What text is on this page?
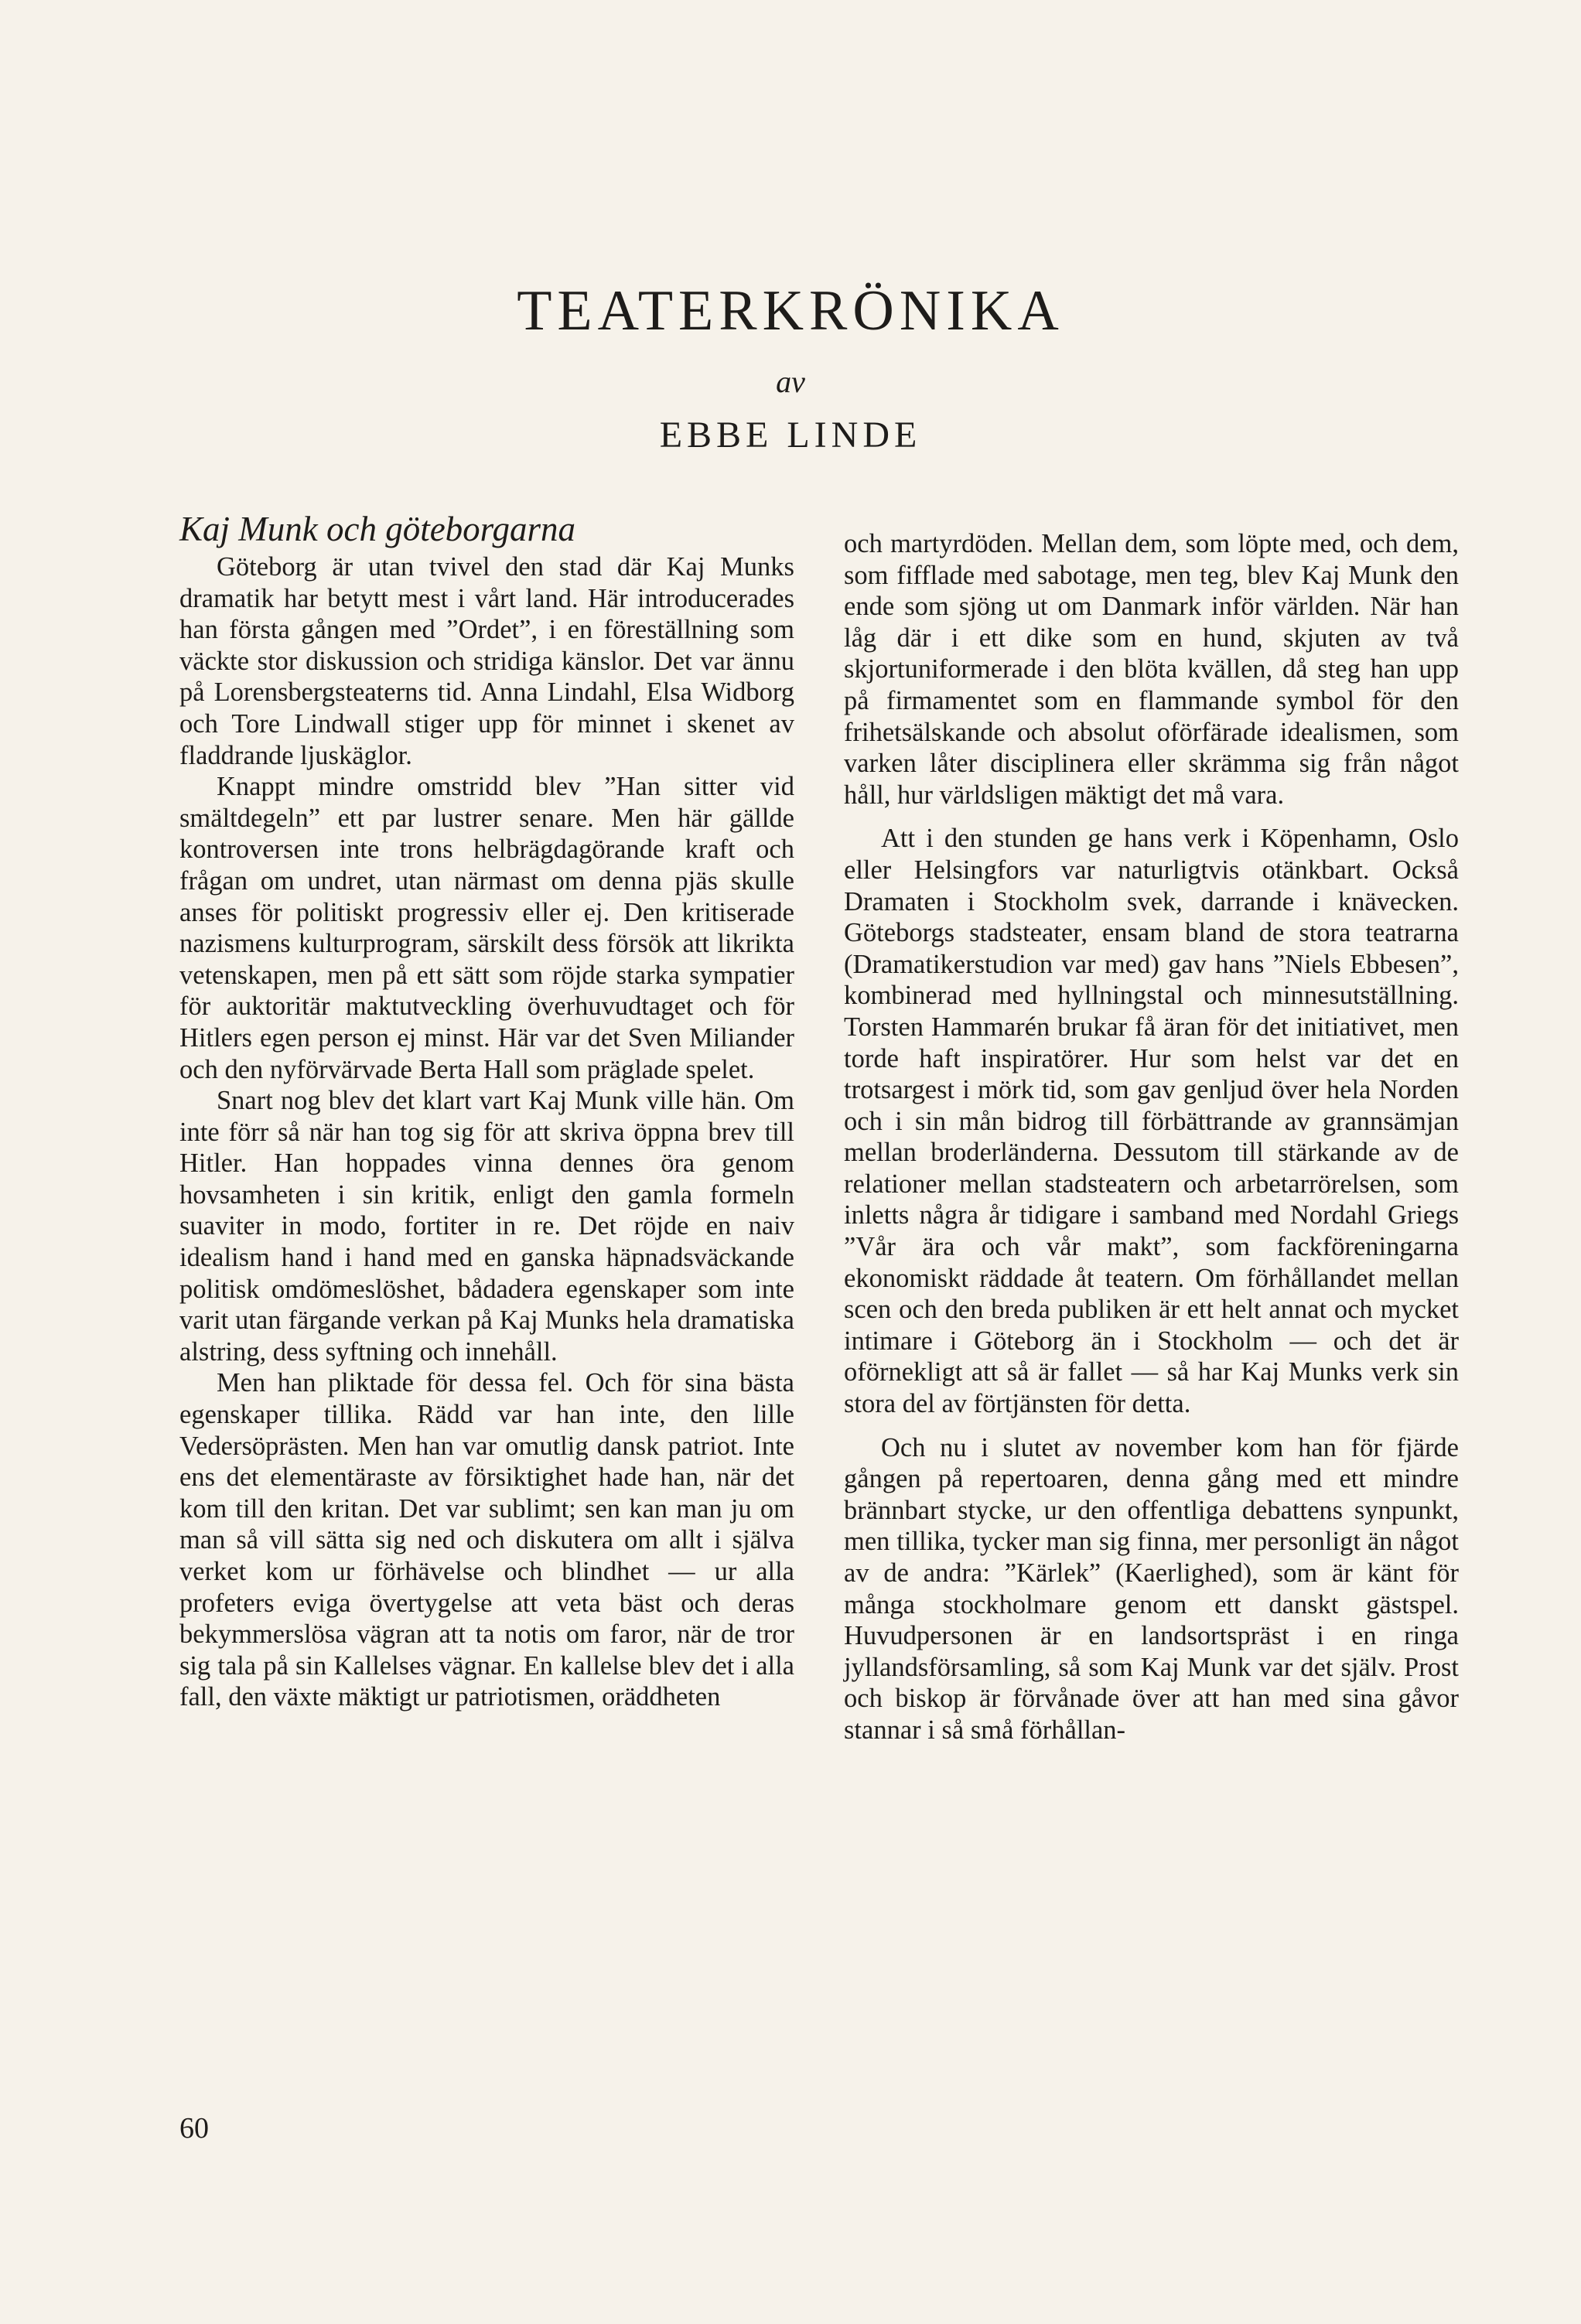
TEATERKRÖNIKA
av
EBBE LINDE
Kaj Munk och göteborgarna

Göteborg är utan tvivel den stad där Kaj Munks dramatik har betytt mest i vårt land. Här introducerades han första gången med ”Ordet”, i en föreställning som väckte stor diskussion och stridiga känslor. Det var ännu på Lorensbergsteaterns tid. Anna Lindahl, Elsa Widborg och Tore Lindwall stiger upp för minnet i skenet av fladdrande ljuskäglor.

Knappt mindre omstridd blev ”Han sitter vid smältdegeln” ett par lustrer senare. Men här gällde kontroversen inte trons helbrägdagörande kraft och frågan om undret, utan närmast om denna pjäs skulle anses för politiskt progressiv eller ej. Den kritiserade nazismens kulturprogram, särskilt dess försök att likrikta vetenskapen, men på ett sätt som röjde starka sympatier för auktoritär maktutveckling överhuvudtaget och för Hitlers egen person ej minst. Här var det Sven Miliander och den nyförvärvade Berta Hall som präglade spelet.

Snart nog blev det klart vart Kaj Munk ville hän. Om inte förr så när han tog sig för att skriva öppna brev till Hitler. Han hoppades vinna dennes öra genom hovsamheten i sin kritik, enligt den gamla formeln suaviter in modo, fortiter in re. Det röjde en naiv idealism hand i hand med en ganska häpnadsväckande politisk omdömeslöshet, bådadera egenskaper som inte varit utan färgande verkan på Kaj Munks hela dramatiska alstring, dess syftning och innehåll.

Men han pliktade för dessa fel. Och för sina bästa egenskaper tillika. Rädd var han inte, den lille Vedersöprästen. Men han var omutlig dansk patriot. Inte ens det elementäraste av försiktighet hade han, när det kom till den kritan. Det var sublimt; sen kan man ju om man så vill sätta sig ned och diskutera om allt i själva verket kom ur förhävelse och blindhet — ur alla profeters eviga övertygelse att veta bäst och deras bekymmerslösa vägran att ta notis om faror, när de tror sig tala på sin Kallelses vägnar. En kallelse blev det i alla fall, den växte mäktigt ur patriotismen, oräddheten

och martyrdöden. Mellan dem, som löpte med, och dem, som fifflade med sabotage, men teg, blev Kaj Munk den ende som sjöng ut om Danmark inför världen. När han låg där i ett dike som en hund, skjuten av två skjortuniformerade i den blöta kvällen, då steg han upp på firmamentet som en flammande symbol för den frihetsälskande och absolut oförfärade idealismen, som varken låter disciplinera eller skrämma sig från något håll, hur världsligen mäktigt det må vara.

Att i den stunden ge hans verk i Köpenhamn, Oslo eller Helsingfors var naturligtvis otänkbart. Också Dramaten i Stockholm svek, darrande i knävecken. Göteborgs stadsteater, ensam bland de stora teatrarna (Dramatikerstudion var med) gav hans ”Niels Ebbesen”, kombinerad med hyllningstal och minnesutställning. Torsten Hammarén brukar få äran för det initiativet, men torde haft inspiratörer. Hur som helst var det en trotsargest i mörk tid, som gav genljud över hela Norden och i sin mån bidrog till förbättrande av grannsämjan mellan broderländerna. Dessutom till stärkande av de relationer mellan stadsteatern och arbetarrörelsen, som inletts några år tidigare i samband med Nordahl Griegs ”Vår ära och vår makt”, som fackföreningarna ekonomiskt räddade åt teatern. Om förhållandet mellan scen och den breda publiken är ett helt annat och mycket intimare i Göteborg än i Stockholm — och det är oförnekligt att så är fallet — så har Kaj Munks verk sin stora del av förtjänsten för detta.

Och nu i slutet av november kom han för fjärde gången på repertoaren, denna gång med ett mindre brännbart stycke, ur den offentliga debattens synpunkt, men tillika, tycker man sig finna, mer personligt än något av de andra: ”Kärlek” (Kaerlighed), som är känt för många stockholmare genom ett danskt gästspel. Huvudpersonen är en landsortspräst i en ringa jyllandsförsamling, så som Kaj Munk var det själv. Prost och biskop är förvånade över att han med sina gåvor stannar i så små förhållan-

60
